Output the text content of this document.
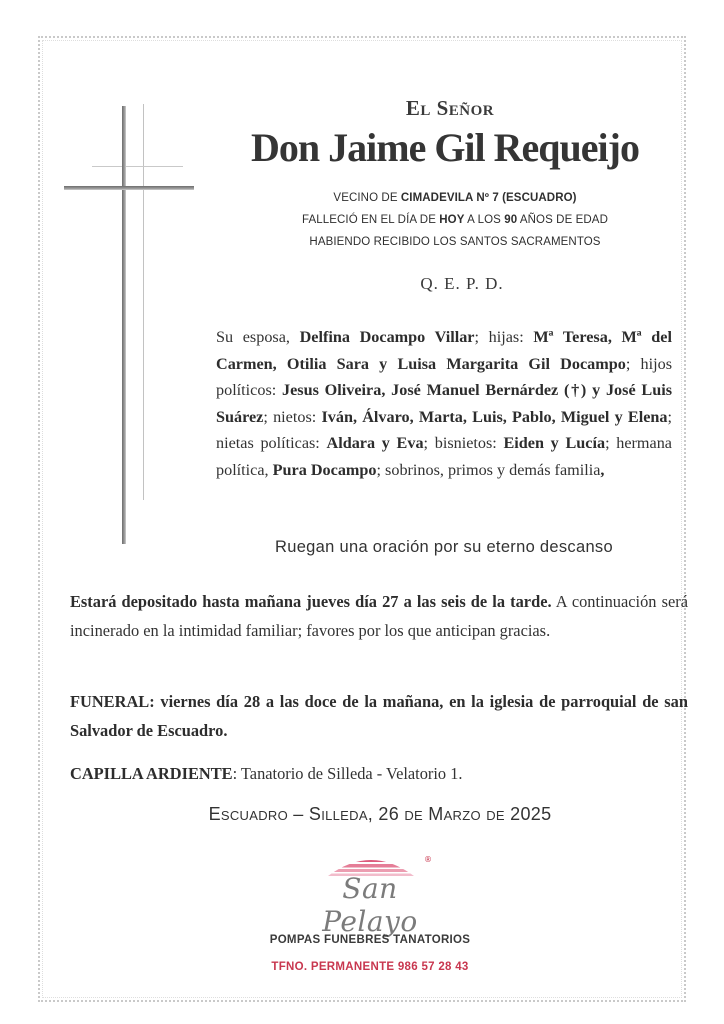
El Señor
Don Jaime Gil Requeijo
VECINO DE CIMADEVILA Nº 7 (ESCUADRO)
FALLECIÓ EN EL DÍA DE HOY A LOS 90 AÑOS DE EDAD
HABIENDO RECIBIDO LOS SANTOS SACRAMENTOS
Q. E. P. D.
Su esposa, Delfina Docampo Villar; hijas: Mª Teresa, Mª del Carmen, Otilia Sara y Luisa Margarita Gil Docampo; hijos políticos: Jesus Oliveira, José Manuel Bernárdez (†) y José Luis Suárez; nietos: Iván, Álvaro, Marta, Luis, Pablo, Miguel y Elena; nietas políticas: Aldara y Eva; bisnietos: Eiden y Lucía; hermana política, Pura Docampo; sobrinos, primos y demás familia,
Ruegan una oración por su eterno descanso
Estará depositado hasta mañana jueves día 27 a las seis de la tarde. A continuación será incinerado en la intimidad familiar; favores por los que anticipan gracias.
FUNERAL: viernes día 28 a las doce de la mañana, en la iglesia de parroquial de san Salvador de Escuadro.
CAPILLA ARDIENTE: Tanatorio de Silleda - Velatorio 1.
Escuadro – Silleda, 26 de Marzo de 2025
®
San Pelayo
POMPAS FUNEBRES TANATORIOS
TFNO. PERMANENTE 986 57 28 43
